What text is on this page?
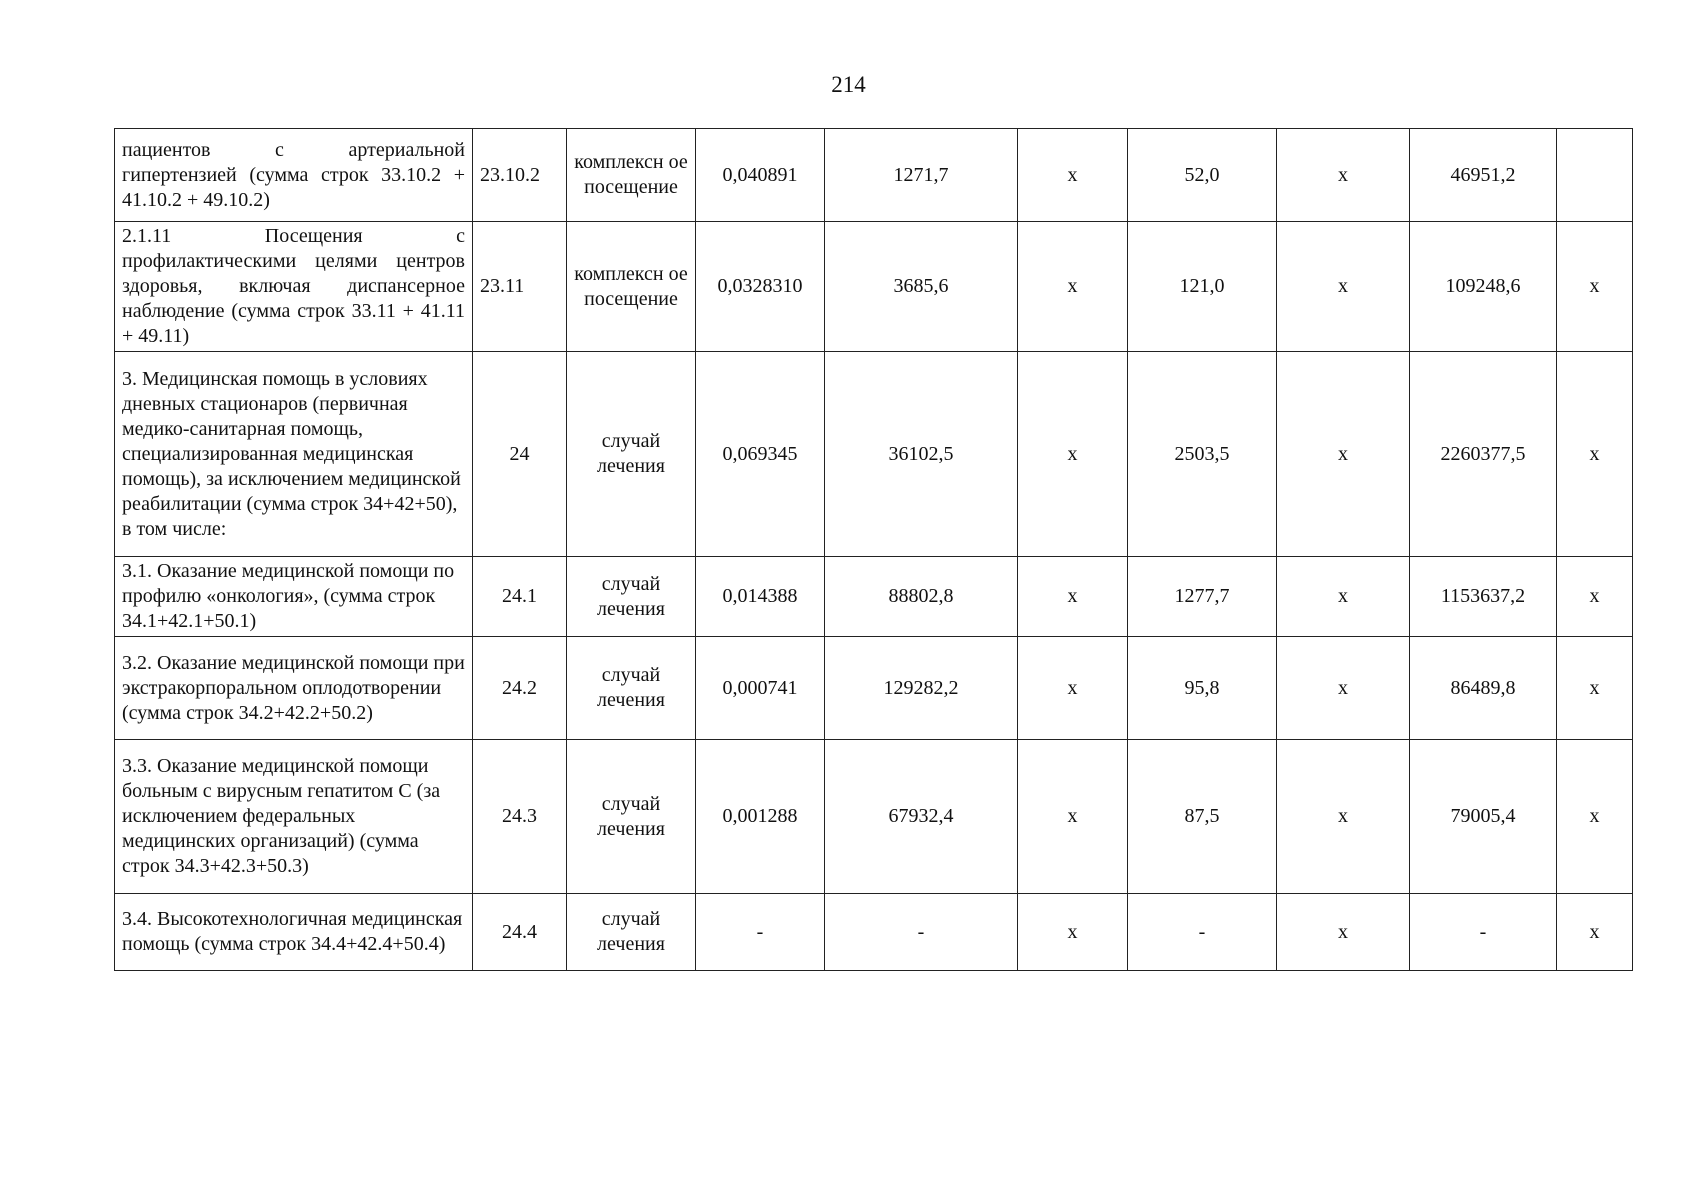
214
пациентов с артериальной гипертензией (сумма строк 33.10.2 + 41.10.2 + 49.10.2)	23.10.2	комплексн ое посещение	0,040891	1271,7	х	52,0	х	46951,2	
2.1.11 Посещения с профилактическими целями центров здоровья, включая диспансерное наблюдение (сумма строк 33.11 + 41.11 + 49.11)	23.11	комплексн ое посещение	0,0328310	3685,6	х	121,0	х	109248,6	х
3. Медицинская помощь в условиях дневных стационаров (первичная медико-санитарная помощь, специализированная медицинская помощь), за исключением медицинской реабилитации (сумма строк 34+42+50), в том числе:	24	случай лечения	0,069345	36102,5	х	2503,5	х	2260377,5	х
3.1. Оказание медицинской помощи по профилю «онкология», (сумма строк 34.1+42.1+50.1)	24.1	случай лечения	0,014388	88802,8	х	1277,7	х	1153637,2	х
3.2. Оказание медицинской помощи при экстракорпоральном оплодотворении (сумма строк 34.2+42.2+50.2)	24.2	случай лечения	0,000741	129282,2	х	95,8	х	86489,8	х
3.3. Оказание медицинской помощи больным с вирусным гепатитом С (за исключением федеральных медицинских организаций) (сумма строк 34.3+42.3+50.3)	24.3	случай лечения	0,001288	67932,4	х	87,5	х	79005,4	х
3.4. Высокотехнологичная медицинская помощь (сумма строк 34.4+42.4+50.4)	24.4	случай лечения	-	-	х	-	х	-	х
